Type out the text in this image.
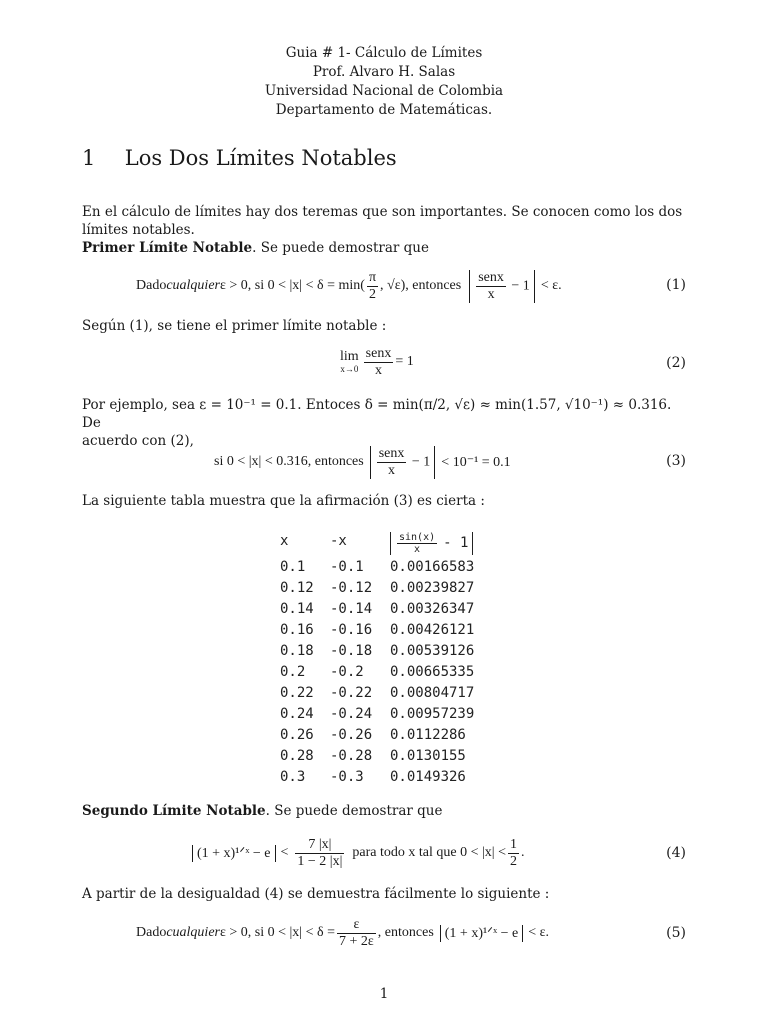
Guia # 1- Cálculo de Límites
Prof. Alvaro H. Salas
Universidad Nacional de Colombia
Departamento de Matemáticas.
1 Los Dos Límites Notables
En el cálculo de límites hay dos teremas que son importantes. Se conocen como los dos límites notables.
Primer Límite Notable. Se puede demostrar que
Dado cualquier ε > 0, si $0 < |x| < \delta = \min( \frac{\pi}{2}$ , √ε), entonces $\frac{\text{senx}}{x} - 1 < \varepsilon$.	(1)
Según (1), se tiene el primer límite notable :
lim
$x\to 0 \frac{\text{senx}}{x} = 1$	(2)
Por ejemplo, sea ε = 10⁻¹ = 0.1. Entoces δ = min(π/2, √ε) ≈ min(1.57, √10⁻¹) ≈ 0.316. De
acuerdo con (2),
si 0 < |x| < 0.316, entonces $\frac{\text{senx}}{x} - 1 < 10^{-1} = 0.1$	(3)
La siguiente tabla muestra que la afirmación (3) es cierta :
x	-x	$\frac{\sin(x)}{x} - 1$

0.1	-0.1	0.00166583
0.12	-0.12	0.00239827
0.14	-0.14	0.00326347
0.16	-0.16	0.00426121
0.18	-0.18	0.00539126
0.2	-0.2	0.00665335
0.22	-0.22	0.00804717
0.24	-0.24	0.00957239
0.26	-0.26	0.0112286
0.28	-0.28	0.0130155
0.3	-0.3	0.0149326
Segundo Límite Notable. Se puede demostrar que
(1 + x)¹ᐟˣ − $e < \frac{7 |x|}{1 - 2 |x|}$ para todo x tal que $0 < |x| < \frac{1}{2}$ .	(4)
A partir de la desigualdad (4) se demuestra fácilmente lo siguiente :
Dado cualquier ε > 0, si $0 < |x| < \delta = \frac{\varepsilon}{7 + 2\varepsilon}$ , entonces (1 + x)¹ᐟˣ − e < ε.	(5)
1
